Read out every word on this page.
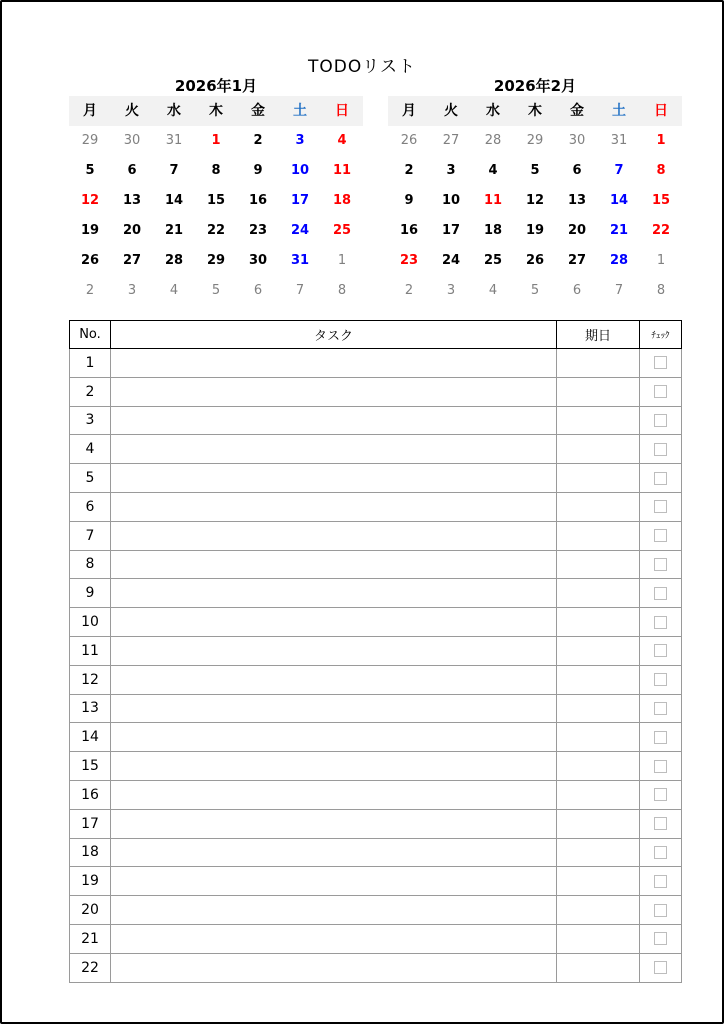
TODOリスト
2026年1月
月	火	水	木	金	土	日
29	30	31	1	2	3	4
5	6	7	8	9	10	11
12	13	14	15	16	17	18
19	20	21	22	23	24	25
26	27	28	29	30	31	1
2	3	4	5	6	7	8
2026年2月
月	火	水	木	金	土	日
26	27	28	29	30	31	1
2	3	4	5	6	7	8
9	10	11	12	13	14	15
16	17	18	19	20	21	22
23	24	25	26	27	28	1
2	3	4	5	6	7	8
No.	タスク	期日	ﾁｪｯｸ
1			
2			
3			
4			
5			
6			
7			
8			
9			
10			
11			
12			
13			
14			
15			
16			
17			
18			
19			
20			
21			
22			
